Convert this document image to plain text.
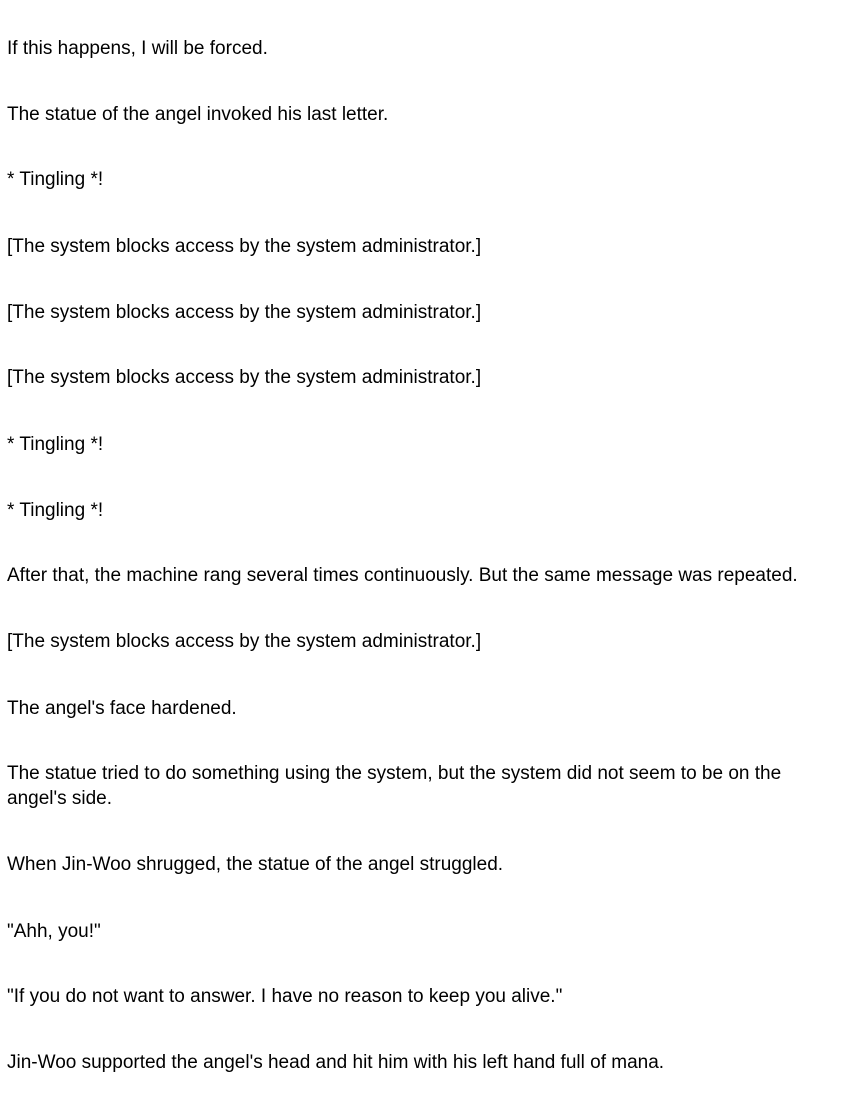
If this happens, I will be forced.

The statue of the angel invoked his last letter.

* Tingling *!

[The system blocks access by the system administrator.]

[The system blocks access by the system administrator.]

[The system blocks access by the system administrator.]

* Tingling *!

* Tingling *!

After that, the machine rang several times continuously. But the same message was repeated.

[The system blocks access by the system administrator.]

The angel's face hardened.

The statue tried to do something using the system, but the system did not seem to be on the angel's side.

When Jin-Woo shrugged, the statue of the angel struggled.

"Ahh, you!"

"If you do not want to answer. I have no reason to keep you alive."

Jin-Woo supported the angel's head and hit him with his left hand full of mana.
